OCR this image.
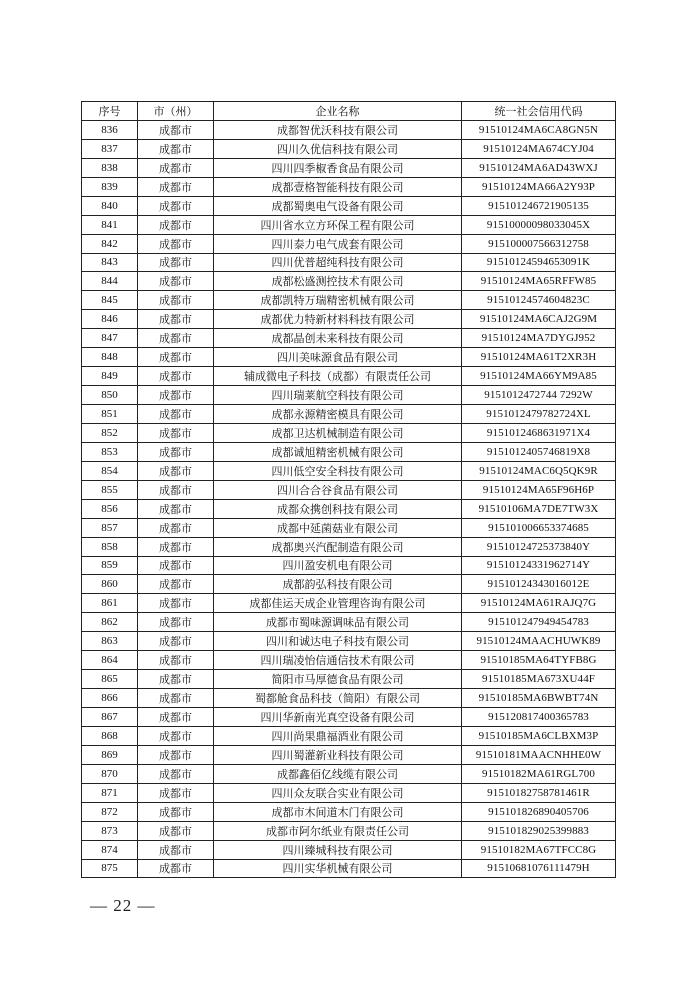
序号	市（州）	企业名称	统一社会信用代码
836	成都市	成都智优沃科技有限公司	91510124MA6CA8GN5N
837	成都市	四川久优信科技有限公司	91510124MA674CYJ04
838	成都市	四川四季椒香食品有限公司	91510124MA6AD43WXJ
839	成都市	成都壹格智能科技有限公司	91510124MA66A2Y93P
840	成都市	成都蜀奥电气设备有限公司	915101246721905135
841	成都市	四川省水立方环保工程有限公司	91510000098033045X
842	成都市	四川泰力电气成套有限公司	915100007566312758
843	成都市	四川优普超纯科技有限公司	91510124594653091K
844	成都市	成都松盛测控技术有限公司	91510124MA65RFFW85
845	成都市	成都凯特万瑞精密机械有限公司	91510124574604823C
846	成都市	成都优力特新材料科技有限公司	91510124MA6CAJ2G9M
847	成都市	成都晶创未来科技有限公司	91510124MA7DYGJ952
848	成都市	四川美味源食品有限公司	91510124MA61T2XR3H
849	成都市	辅成微电子科技（成都）有限责任公司	91510124MA66YM9A85
850	成都市	四川瑞莱航空科技有限公司	9151012472744 7292W
851	成都市	成都永源精密模具有限公司	9151012479782724XL
852	成都市	成都卫达机械制造有限公司	9151012468631971X4
853	成都市	成都诚旭精密机械有限公司	9151012405746819X8
854	成都市	四川低空安全科技有限公司	91510124MAC6Q5QK9R
855	成都市	四川合合谷食品有限公司	91510124MA65F96H6P
856	成都市	成都众携创科技有限公司	91510106MA7DE7TW3X
857	成都市	成都中延菌菇业有限公司	915101006653374685
858	成都市	成都奥兴汽配制造有限公司	91510124725373840Y
859	成都市	四川盈安机电有限公司	91510124331962714Y
860	成都市	成都韵弘科技有限公司	91510124343016012E
861	成都市	成都佳运天成企业管理咨询有限公司	91510124MA61RAJQ7G
862	成都市	成都市蜀味源调味品有限公司	915101247949454783
863	成都市	四川和诚达电子科技有限公司	91510124MAACHUWK89
864	成都市	四川瑞凌怡信通信技术有限公司	91510185MA64TYFB8G
865	成都市	简阳市马厚德食品有限公司	91510185MA673XU44F
866	成都市	蜀都舱食品科技（简阳）有限公司	91510185MA6BWBT74N
867	成都市	四川华新南光真空设备有限公司	915120817400365783
868	成都市	四川尚果鼎福酒业有限公司	91510185MA6CLBXM3P
869	成都市	四川蜀灌新业科技有限公司	91510181MAACNHHE0W
870	成都市	成都鑫佰亿线缆有限公司	91510182MA61RGL700
871	成都市	四川众友联合实业有限公司	91510182758781461R
872	成都市	成都市木间道木门有限公司	915101826890405706
873	成都市	成都市阿尔纸业有限责任公司	915101829025399883
874	成都市	四川臻城科技有限公司	91510182MA67TFCC8G
875	成都市	四川实华机械有限公司	91510681076111479H
— 22 —
